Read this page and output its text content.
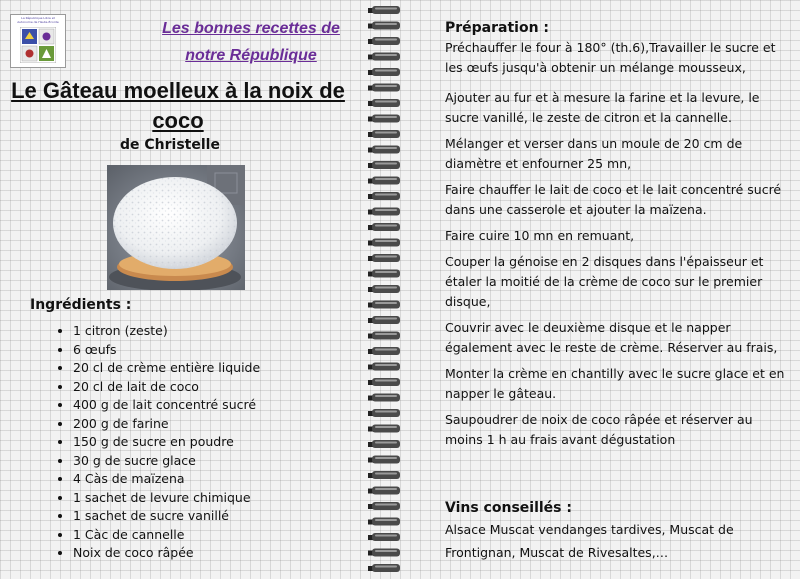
La République Libre et Autonome de Haute-Écorde	Les bonnes recettes de
notre République
Le Gâteau moelleux à la noix de coco
de Christelle
Ingrédients :
• 1 citron (zeste)
• 6 œufs
• 20 cl de crème entière liquide
• 20 cl de lait de coco
• 400 g de lait concentré sucré
• 200 g de farine
• 150 g de sucre en poudre
• 30 g de sucre glace
• 4 Càs de maïzena
• 1 sachet de levure chimique
• 1 sachet de sucre vanillé
• 1 Càc de cannelle
• Noix de coco râpée
Préparation :

Préchauffer le four à 180° (th.6),Travailler le sucre et les œufs jusqu'à obtenir un mélange mousseux,

Ajouter au fur et à mesure la farine et la levure, le sucre vanillé, le zeste de citron et la cannelle.

Mélanger et verser dans un moule de 20 cm de diamètre et enfourner 25 mn,

Faire chauffer le lait de coco et le lait concentré sucré dans une casserole et ajouter la maïzena.

Faire cuire 10 mn en remuant,

Couper la génoise en 2 disques dans l'épaisseur et étaler la moitié de la crème de coco sur le premier disque,

Couvrir avec le deuxième disque et le napper également avec le reste de crème. Réserver au frais,

Monter la crème en chantilly avec le sucre glace et en napper le gâteau.

Saupoudrer de noix de coco râpée et réserver au moins 1 h au frais avant dégustation

Vins conseillés :
Alsace Muscat vendanges tardives, Muscat de Frontignan, Muscat de Rivesaltes,…
